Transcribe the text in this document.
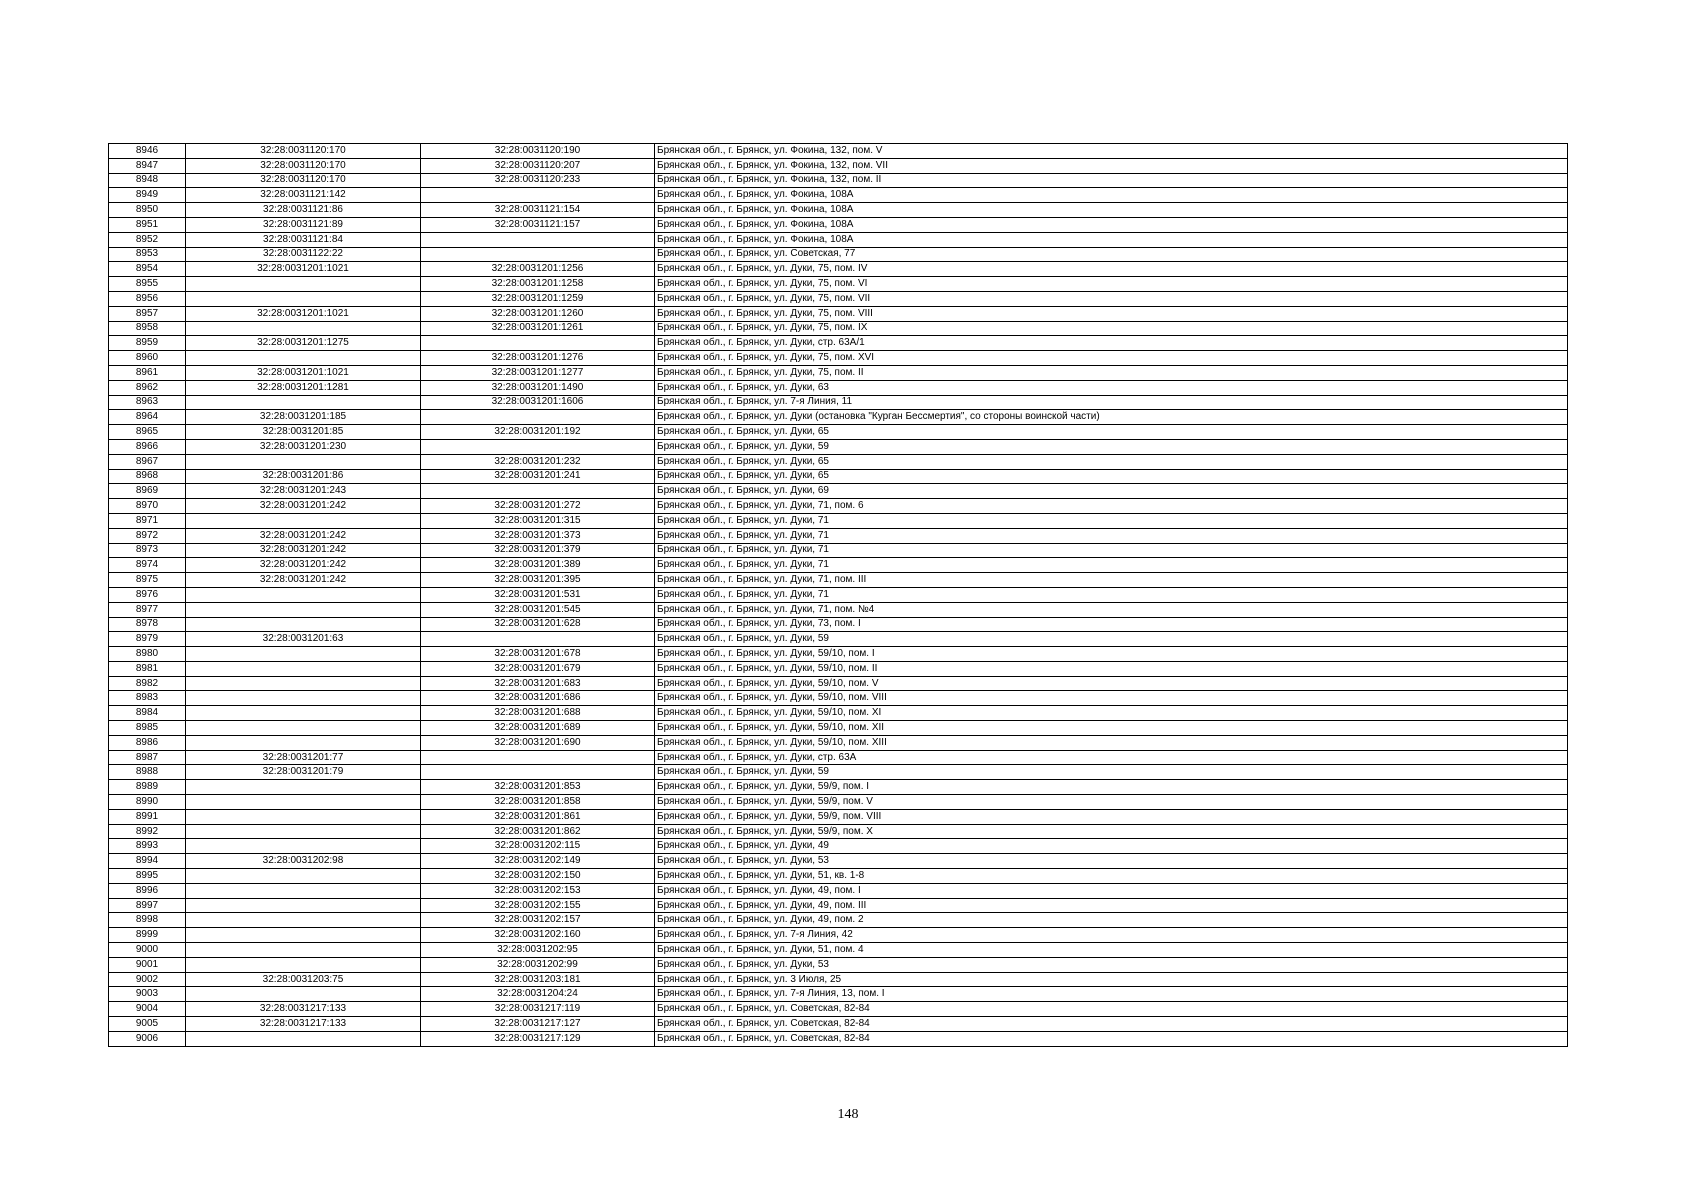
8946	32:28:0031120:170	32:28:0031120:190	Брянская обл., г. Брянск, ул. Фокина, 132, пом. V
8947	32:28:0031120:170	32:28:0031120:207	Брянская обл., г. Брянск, ул. Фокина, 132, пом. VII
8948	32:28:0031120:170	32:28:0031120:233	Брянская обл., г. Брянск, ул. Фокина, 132, пом. II
8949	32:28:0031121:142		Брянская обл., г. Брянск, ул. Фокина, 108А
8950	32:28:0031121:86	32:28:0031121:154	Брянская обл., г. Брянск, ул. Фокина, 108А
8951	32:28:0031121:89	32:28:0031121:157	Брянская обл., г. Брянск, ул. Фокина, 108А
8952	32:28:0031121:84		Брянская обл., г. Брянск, ул. Фокина, 108А
8953	32:28:0031122:22		Брянская обл., г. Брянск, ул. Советская, 77
8954	32:28:0031201:1021	32:28:0031201:1256	Брянская обл., г. Брянск, ул. Дуки, 75, пом. IV
8955		32:28:0031201:1258	Брянская обл., г. Брянск, ул. Дуки, 75, пом. VI
8956		32:28:0031201:1259	Брянская обл., г. Брянск, ул. Дуки, 75, пом. VII
8957	32:28:0031201:1021	32:28:0031201:1260	Брянская обл., г. Брянск, ул. Дуки, 75, пом. VIII
8958		32:28:0031201:1261	Брянская обл., г. Брянск, ул. Дуки, 75, пом. IX
8959	32:28:0031201:1275		Брянская обл., г. Брянск, ул. Дуки, стр. 63А/1
8960		32:28:0031201:1276	Брянская обл., г. Брянск, ул. Дуки, 75, пом. XVI
8961	32:28:0031201:1021	32:28:0031201:1277	Брянская обл., г. Брянск, ул. Дуки, 75, пом. II
8962	32:28:0031201:1281	32:28:0031201:1490	Брянская обл., г. Брянск, ул. Дуки, 63
8963		32:28:0031201:1606	Брянская обл., г. Брянск, ул. 7-я Линия, 11
8964	32:28:0031201:185		Брянская обл., г. Брянск, ул. Дуки (остановка "Курган Бессмертия", со стороны воинской части)
8965	32:28:0031201:85	32:28:0031201:192	Брянская обл., г. Брянск, ул. Дуки, 65
8966	32:28:0031201:230		Брянская обл., г. Брянск, ул. Дуки, 59
8967		32:28:0031201:232	Брянская обл., г. Брянск, ул. Дуки, 65
8968	32:28:0031201:86	32:28:0031201:241	Брянская обл., г. Брянск, ул. Дуки, 65
8969	32:28:0031201:243		Брянская обл., г. Брянск, ул. Дуки, 69
8970	32:28:0031201:242	32:28:0031201:272	Брянская обл., г. Брянск, ул. Дуки, 71, пом. 6
8971		32:28:0031201:315	Брянская обл., г. Брянск, ул. Дуки, 71
8972	32:28:0031201:242	32:28:0031201:373	Брянская обл., г. Брянск, ул. Дуки, 71
8973	32:28:0031201:242	32:28:0031201:379	Брянская обл., г. Брянск, ул. Дуки, 71
8974	32:28:0031201:242	32:28:0031201:389	Брянская обл., г. Брянск, ул. Дуки, 71
8975	32:28:0031201:242	32:28:0031201:395	Брянская обл., г. Брянск, ул. Дуки, 71, пом. III
8976		32:28:0031201:531	Брянская обл., г. Брянск, ул. Дуки, 71
8977		32:28:0031201:545	Брянская обл., г. Брянск, ул. Дуки, 71, пом. №4
8978		32:28:0031201:628	Брянская обл., г. Брянск, ул. Дуки, 73, пом. I
8979	32:28:0031201:63		Брянская обл., г. Брянск, ул. Дуки, 59
8980		32:28:0031201:678	Брянская обл., г. Брянск, ул. Дуки, 59/10, пом. I
8981		32:28:0031201:679	Брянская обл., г. Брянск, ул. Дуки, 59/10, пом. II
8982		32:28:0031201:683	Брянская обл., г. Брянск, ул. Дуки, 59/10, пом. V
8983		32:28:0031201:686	Брянская обл., г. Брянск, ул. Дуки, 59/10, пом. VIII
8984		32:28:0031201:688	Брянская обл., г. Брянск, ул. Дуки, 59/10, пом. XI
8985		32:28:0031201:689	Брянская обл., г. Брянск, ул. Дуки, 59/10, пом. XII
8986		32:28:0031201:690	Брянская обл., г. Брянск, ул. Дуки, 59/10, пом. XIII
8987	32:28:0031201:77		Брянская обл., г. Брянск, ул. Дуки, стр. 63А
8988	32:28:0031201:79		Брянская обл., г. Брянск, ул. Дуки, 59
8989		32:28:0031201:853	Брянская обл., г. Брянск, ул. Дуки, 59/9, пом. I
8990		32:28:0031201:858	Брянская обл., г. Брянск, ул. Дуки, 59/9, пом. V
8991		32:28:0031201:861	Брянская обл., г. Брянск, ул. Дуки, 59/9, пом. VIII
8992		32:28:0031201:862	Брянская обл., г. Брянск, ул. Дуки, 59/9, пом. X
8993		32:28:0031202:115	Брянская обл., г. Брянск, ул. Дуки, 49
8994	32:28:0031202:98	32:28:0031202:149	Брянская обл., г. Брянск, ул. Дуки, 53
8995		32:28:0031202:150	Брянская обл., г. Брянск, ул. Дуки, 51, кв. 1-8
8996		32:28:0031202:153	Брянская обл., г. Брянск, ул. Дуки, 49, пом. I
8997		32:28:0031202:155	Брянская обл., г. Брянск, ул. Дуки, 49, пом. III
8998		32:28:0031202:157	Брянская обл., г. Брянск, ул. Дуки, 49, пом. 2
8999		32:28:0031202:160	Брянская обл., г. Брянск, ул. 7-я Линия, 42
9000		32:28:0031202:95	Брянская обл., г. Брянск, ул. Дуки, 51, пом. 4
9001		32:28:0031202:99	Брянская обл., г. Брянск, ул. Дуки, 53
9002	32:28:0031203:75	32:28:0031203:181	Брянская обл., г. Брянск, ул. 3 Июля, 25
9003		32:28:0031204:24	Брянская обл., г. Брянск, ул. 7-я Линия, 13, пом. I
9004	32:28:0031217:133	32:28:0031217:119	Брянская обл., г. Брянск, ул. Советская, 82-84
9005	32:28:0031217:133	32:28:0031217:127	Брянская обл., г. Брянск, ул. Советская, 82-84
9006		32:28:0031217:129	Брянская обл., г. Брянск, ул. Советская, 82-84
148
